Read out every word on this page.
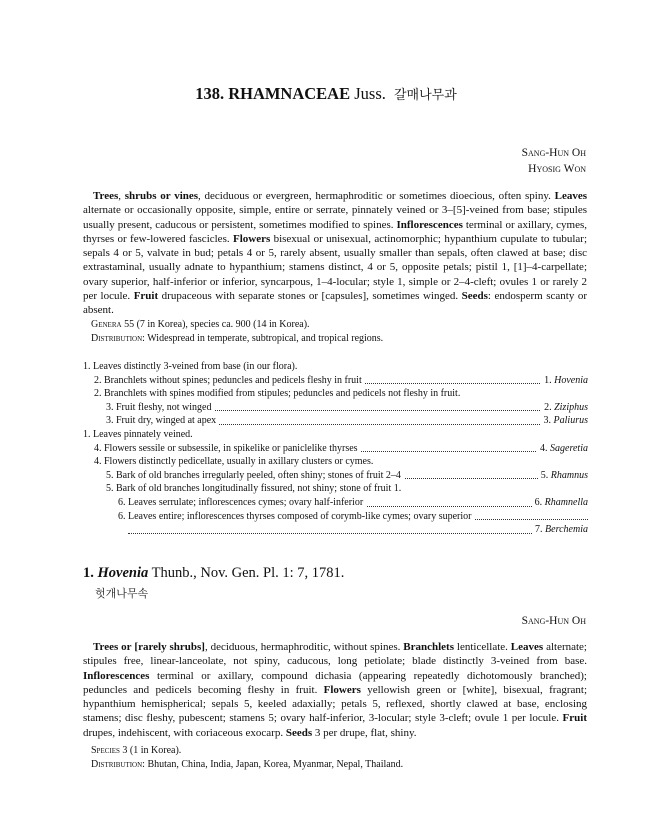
138. RHAMNACEAE Juss. 갈매나무과
Sang-Hun Oh
Hyosig Won
Trees, shrubs or vines, deciduous or evergreen, hermaphroditic or sometimes dioecious, often spiny. Leaves alternate or occasionally opposite, simple, entire or serrate, pinnately veined or 3–[5]-veined from base; stipules usually present, caducous or persistent, sometimes modified to spines. Inflorescences terminal or axillary, cymes, thyrses or few-lowered fascicles. Flowers bisexual or unisexual, actinomorphic; hypanthium cupulate to tubular; sepals 4 or 5, valvate in bud; petals 4 or 5, rarely absent, usually smaller than sepals, often clawed at base; disc extrastaminal, usually adnate to hypanthium; stamens distinct, 4 or 5, opposite petals; pistil 1, [1]–4-carpellate; ovary superior, half-inferior or inferior, syncarpous, 1–4-locular; style 1, simple or 2–4-cleft; ovules 1 or rarely 2 per locule. Fruit drupaceous with separate stones or [capsules], sometimes winged. Seeds: endosperm scanty or absent.
Genera 55 (7 in Korea), species ca. 900 (14 in Korea).
Distribution: Widespread in temperate, subtropical, and tropical regions.
1. Leaves distinctly 3-veined from base (in our flora).
2. Branchlets without spines; peduncles and pedicels fleshy in fruit	1. Hovenia
2. Branchlets with spines modified from stipules; peduncles and pedicels not fleshy in fruit.
3. Fruit fleshy, not winged	2. Ziziphus
3. Fruit dry, winged at apex	3. Paliurus
1. Leaves pinnately veined.
4. Flowers sessile or subsessile, in spikelike or paniclelike thyrses	4. Sageretia
4. Flowers distinctly pedicellate, usually in axillary clusters or cymes.
5. Bark of old branches irregularly peeled, often shiny; stones of fruit 2–4	5. Rhamnus
5. Bark of old branches longitudinally fissured, not shiny; stone of fruit 1.
6. Leaves serrulate; inflorescences cymes; ovary half-inferior	6. Rhamnella
6. Leaves entire; inflorescences thyrses composed of corymb-like cymes; ovary superior
7. Berchemia
1. Hovenia Thunb., Nov. Gen. Pl. 1: 7, 1781.
헛개나무속
Sang-Hun Oh
Trees or [rarely shrubs], deciduous, hermaphroditic, without spines. Branchlets lenticellate. Leaves alternate; stipules free, linear-lanceolate, not spiny, caducous, long petiolate; blade distinctly 3-veined from base. Inflorescences terminal or axillary, compound dichasia (appearing repeatedly dichotomously branched); peduncles and pedicels becoming fleshy in fruit. Flowers yellowish green or [white], bisexual, fragrant; hypanthium hemispherical; sepals 5, keeled adaxially; petals 5, reflexed, shortly clawed at base, enclosing stamens; disc fleshy, pubescent; stamens 5; ovary half-inferior, 3-locular; style 3-cleft; ovule 1 per locule. Fruit drupes, indehiscent, with coriaceous exocarp. Seeds 3 per drupe, flat, shiny.
Species 3 (1 in Korea).
Distribution: Bhutan, China, India, Japan, Korea, Myanmar, Nepal, Thailand.
